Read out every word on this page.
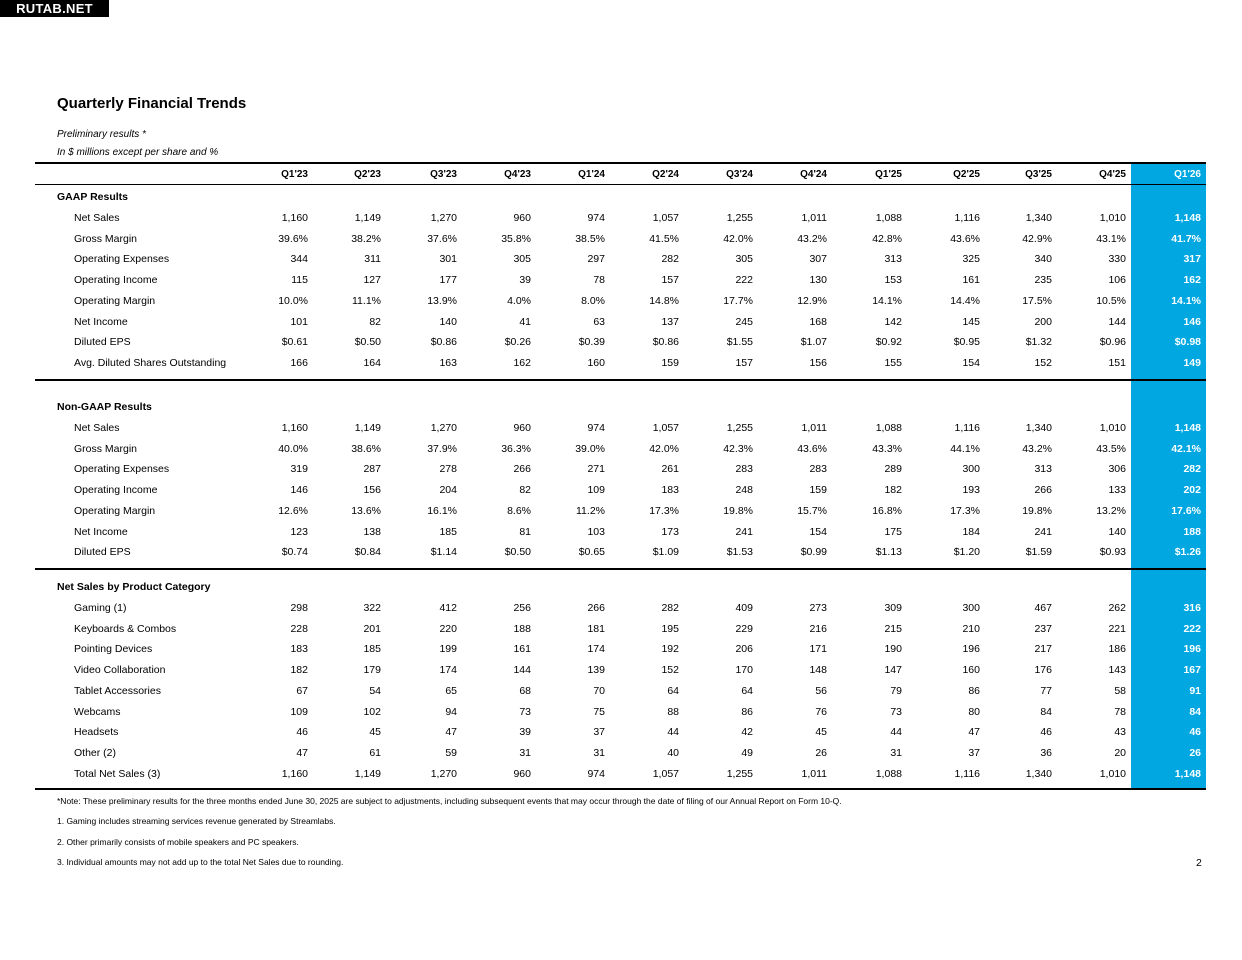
RUTAB.NET
Quarterly Financial Trends
Preliminary results *
In $ millions except per share and %
2
Q1'23	Q2'23	Q3'23	Q4'23	Q1'24	Q2'24	Q3'24	Q4'24	Q1'25	Q2'25	Q3'25	Q4'25	Q1'26
GAAP Results
Net Sales	1,160	1,149	1,270	960	974	1,057	1,255	1,011	1,088	1,116	1,340	1,010	1,148
Gross Margin	39.6%	38.2%	37.6%	35.8%	38.5%	41.5%	42.0%	43.2%	42.8%	43.6%	42.9%	43.1%	41.7%
Operating Expenses	344	311	301	305	297	282	305	307	313	325	340	330	317
Operating Income	115	127	177	39	78	157	222	130	153	161	235	106	162
Operating Margin	10.0%	11.1%	13.9%	4.0%	8.0%	14.8%	17.7%	12.9%	14.1%	14.4%	17.5%	10.5%	14.1%
Net Income	101	82	140	41	63	137	245	168	142	145	200	144	146
Diluted EPS	$0.61	$0.50	$0.86	$0.26	$0.39	$0.86	$1.55	$1.07	$0.92	$0.95	$1.32	$0.96	$0.98
Avg. Diluted Shares Outstanding	166	164	163	162	160	159	157	156	155	154	152	151	149
Non-GAAP Results
Net Sales	1,160	1,149	1,270	960	974	1,057	1,255	1,011	1,088	1,116	1,340	1,010	1,148
Gross Margin	40.0%	38.6%	37.9%	36.3%	39.0%	42.0%	42.3%	43.6%	43.3%	44.1%	43.2%	43.5%	42.1%
Operating Expenses	319	287	278	266	271	261	283	283	289	300	313	306	282
Operating Income	146	156	204	82	109	183	248	159	182	193	266	133	202
Operating Margin	12.6%	13.6%	16.1%	8.6%	11.2%	17.3%	19.8%	15.7%	16.8%	17.3%	19.8%	13.2%	17.6%
Net Income	123	138	185	81	103	173	241	154	175	184	241	140	188
Diluted EPS	$0.74	$0.84	$1.14	$0.50	$0.65	$1.09	$1.53	$0.99	$1.13	$1.20	$1.59	$0.93	$1.26
Net Sales by Product Category
Gaming (1)	298	322	412	256	266	282	409	273	309	300	467	262	316
Keyboards & Combos	228	201	220	188	181	195	229	216	215	210	237	221	222
Pointing Devices	183	185	199	161	174	192	206	171	190	196	217	186	196
Video Collaboration	182	179	174	144	139	152	170	148	147	160	176	143	167
Tablet Accessories	67	54	65	68	70	64	64	56	79	86	77	58	91
Webcams	109	102	94	73	75	88	86	76	73	80	84	78	84
Headsets	46	45	47	39	37	44	42	45	44	47	46	43	46
Other (2)	47	61	59	31	31	40	49	26	31	37	36	20	26
Total Net Sales (3)	1,160	1,149	1,270	960	974	1,057	1,255	1,011	1,088	1,116	1,340	1,010	1,148
*Note: These preliminary results for the three months ended June 30, 2025 are subject to adjustments, including subsequent events that may occur through the date of filing of our Annual Report on Form 10-Q.
1. Gaming includes streaming services revenue generated by Streamlabs.
2. Other primarily consists of mobile speakers and PC speakers.
3. Individual amounts may not add up to the total Net Sales due to rounding.
